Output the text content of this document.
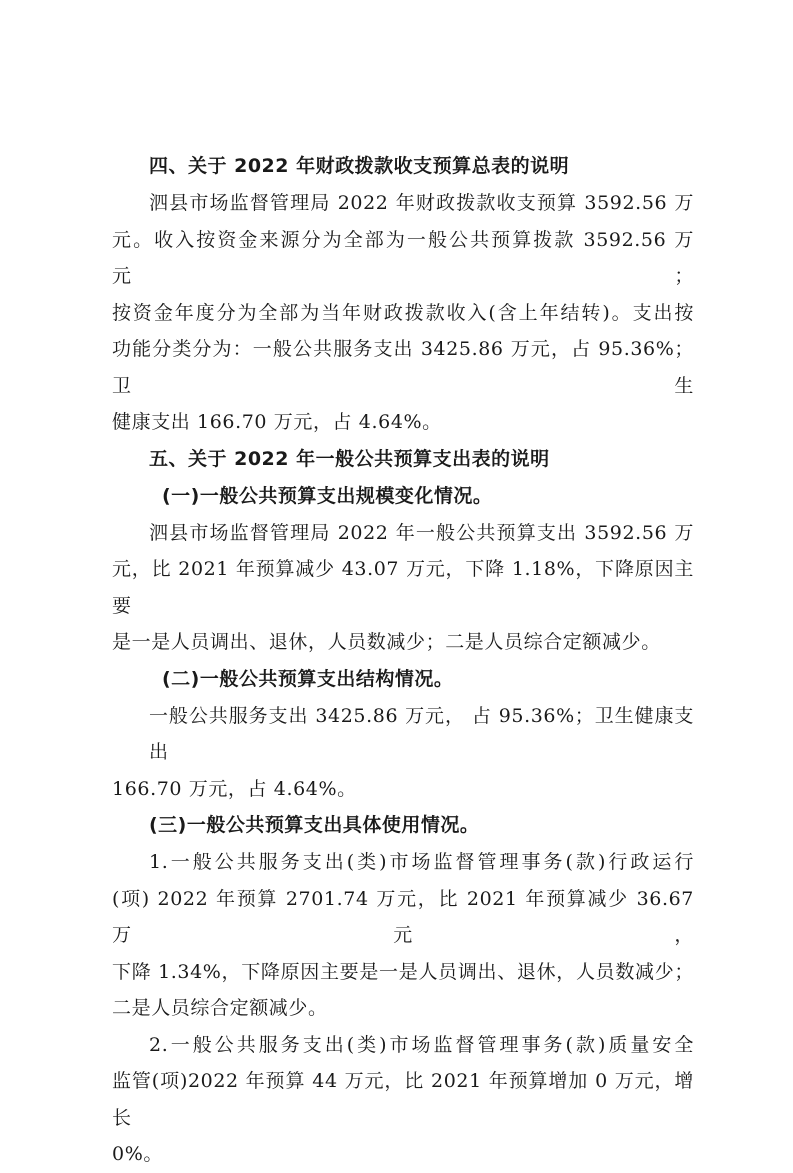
四、关于 2022 年财政拨款收支预算总表的说明

泗县市场监督管理局 2022 年财政拨款收支预算 3592.56 万
元。收入按资金来源分为全部为一般公共预算拨款 3592.56 万元；
按资金年度分为全部为当年财政拨款收入(含上年结转)。支出按
功能分类分为：一般公共服务支出 3425.86 万元，占 95.36%；卫生
健康支出 166.70 万元，占 4.64%。

五、关于 2022 年一般公共预算支出表的说明
(一)一般公共预算支出规模变化情况。

泗县市场监督管理局 2022 年一般公共预算支出 3592.56 万
元，比 2021 年预算减少 43.07 万元，下降 1.18%，下降原因主要
是一是人员调出、退休，人员数减少；二是人员综合定额减少。

(二)一般公共预算支出结构情况。

一般公共服务支出 3425.86 万元， 占 95.36%；卫生健康支出
166.70 万元，占 4.64%。

(三)一般公共预算支出具体使用情况。

1.一般公共服务支出(类)市场监督管理事务(款)行政运行
(项) 2022 年预算 2701.74 万元，比 2021 年预算减少 36.67 万元，
下降 1.34%，下降原因主要是一是人员调出、退休，人员数减少；
二是人员综合定额减少。

2.一般公共服务支出(类)市场监督管理事务(款)质量安全
监管(项)2022 年预算 44 万元，比 2021 年预算增加 0 万元，增长
0%。
